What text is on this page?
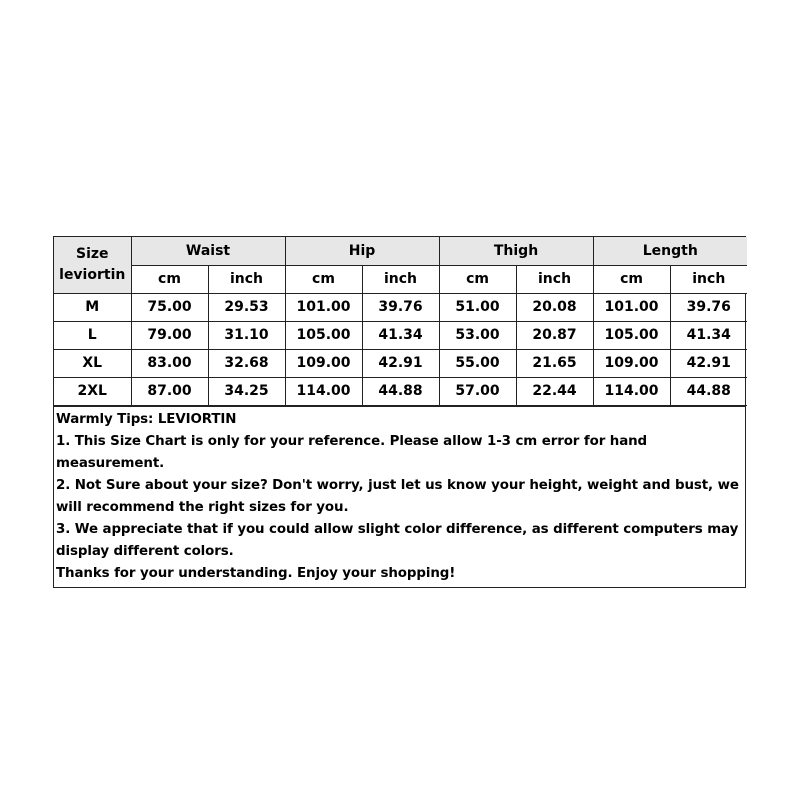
Size
leviortin	Waist		Hip		Thigh		Length	
	cm	inch	cm	inch	cm	inch	cm	inch
M	75.00	29.53	101.00	39.76	51.00	20.08	101.00	39.76
L	79.00	31.10	105.00	41.34	53.00	20.87	105.00	41.34
XL	83.00	32.68	109.00	42.91	55.00	21.65	109.00	42.91
2XL	87.00	34.25	114.00	44.88	57.00	22.44	114.00	44.88

Warmly Tips: LEVIORTIN

1. This Size Chart is only for your reference. Please allow 1-3 cm error for hand measurement.

2. Not Sure about your size? Don't worry, just let us know your height, weight and bust, we will recommend the right sizes for you.

3. We appreciate that if you could allow slight color difference, as different computers may display different colors.

Thanks for your understanding. Enjoy your shopping!
